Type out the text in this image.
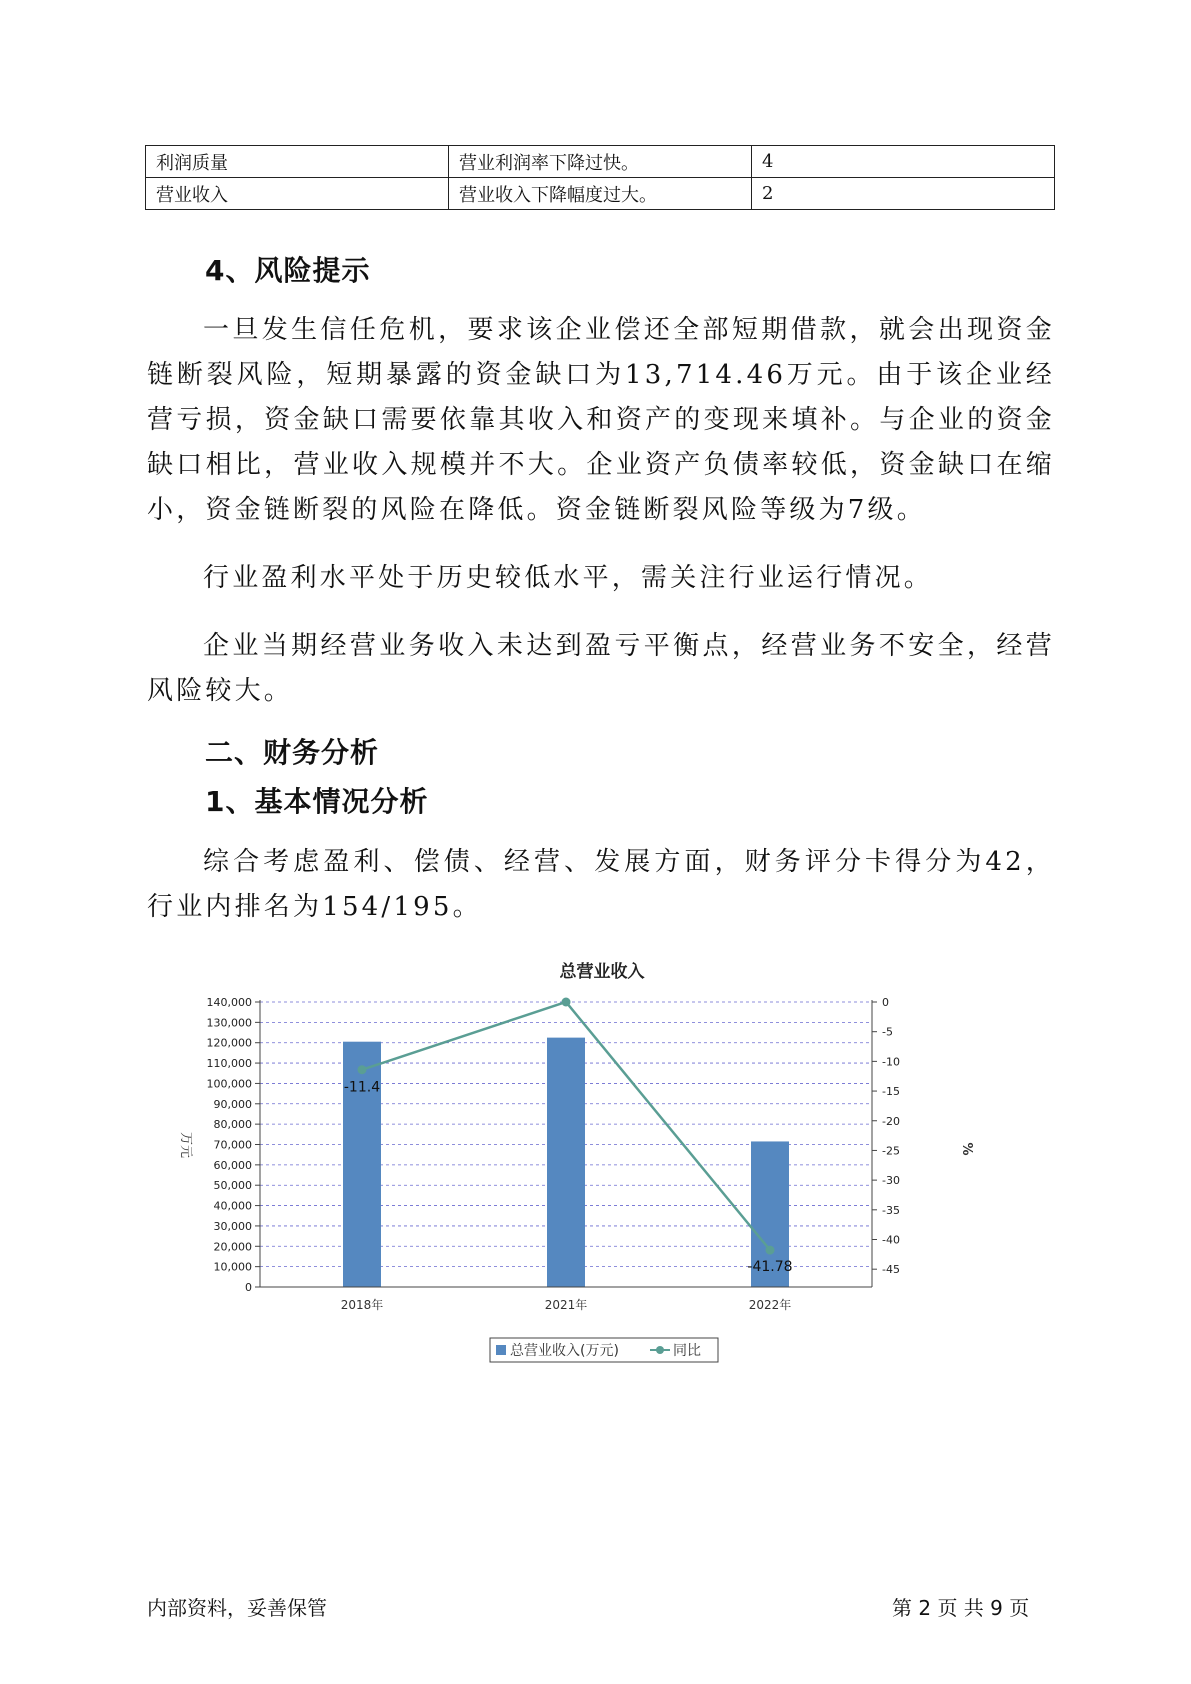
利润质量	营业利润率下降过快。	4
营业收入	营业收入下降幅度过大。	2
4、风险提示

一旦发生信任危机，要求该企业偿还全部短期借款，就会出现资金链断裂风险，短期暴露的资金缺口为13,714.46万元。由于该企业经营亏损，资金缺口需要依靠其收入和资产的变现来填补。与企业的资金缺口相比，营业收入规模并不大。企业资产负债率较低，资金缺口在缩小，资金链断裂的风险在降低。资金链断裂风险等级为7级。

行业盈利水平处于历史较低水平，需关注行业运行情况。

企业当期经营业务收入未达到盈亏平衡点，经营业务不安全，经营风险较大。

二、财务分析
1、基本情况分析

综合考虑盈利、偿债、经营、发展方面，财务评分卡得分为42，行业内排名为154/195。

总营业收入
-11.4
-41.78
0
10,000
20,000
30,000
40,000
50,000
60,000
70,000
80,000
90,000
100,000
110,000
120,000
130,000
140,000	0
-5
-10
-15
-20
-25
-30
-35
-40
-45
2018年	2021年	2022年
万元	%
总营业收入(万元)	同比
内部资料，妥善保管	第 2 页 共 9 页
